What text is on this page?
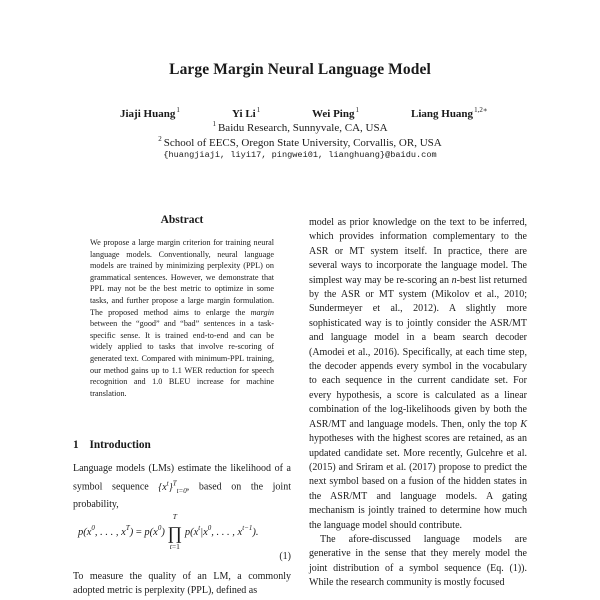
Large Margin Neural Language Model
Jiaji Huang$^1$	Yi Li$^1$	Wei Ping$^1$	Liang Huang$^{1,2∗}$
$^1$ Baidu Research, Sunnyvale, CA, USA
$^2$ School of EECS, Oregon State University, Corvallis, OR, USA
{huangjiaji, liyi17, pingwei01, lianghuang}@baidu.com
Abstract
We propose a large margin criterion for training neural language models. Conventionally, neural language models are trained by minimizing perplexity (PPL) on grammatical sentences. However, we demonstrate that PPL may not be the best metric to optimize in some tasks, and further propose a large margin formulation. The proposed method aims to enlarge the margin between the “good” and “bad” sentences in a task-specific sense. It is trained end-to-end and can be widely applied to tasks that involve re-scoring of generated text. Compared with minimum-PPL training, our method gains up to 1.1 WER reduction for speech recognition and 1.0 BLEU increase for machine translation.
1 Introduction
Language models (LMs) estimate the likelihood of a symbol sequence $\{x^t\}^T_{t=0}$, based on the joint probability,
$p(x^0$, . . . , $x^T) = p(x^0)$
T
∏
t=1
$p(x^t|x^0$, . . . , $x^{t-1}$).
(1)
To measure the quality of an LM, a commonly adopted metric is perplexity (PPL), defined as

model as prior knowledge on the text to be inferred, which provides information complementary to the ASR or MT system itself. In practice, there are several ways to incorporate the language model. The simplest way may be re-scoring an n-best list returned by the ASR or MT system (Mikolov et al., 2010; Sundermeyer et al., 2012). A slightly more sophisticated way is to jointly consider the ASR/MT and language model in a beam search decoder (Amodei et al., 2016). Specifically, at each time step, the decoder appends every symbol in the vocabulary to each sequence in the current candidate set. For every hypothesis, a score is calculated as a linear combination of the log-likelihoods given by both the ASR/MT and language models. Then, only the top K hypotheses with the highest scores are retained, as an updated candidate set. More recently, Gulcehre et al. (2015) and Sriram et al. (2017) propose to predict the next symbol based on a fusion of the hidden states in the ASR/MT and language models. A gating mechanism is jointly trained to determine how much the language model should contribute.

The afore-discussed language models are generative in the sense that they merely model the joint distribution of a symbol sequence (Eq. (1)). While the research community is mostly focused
